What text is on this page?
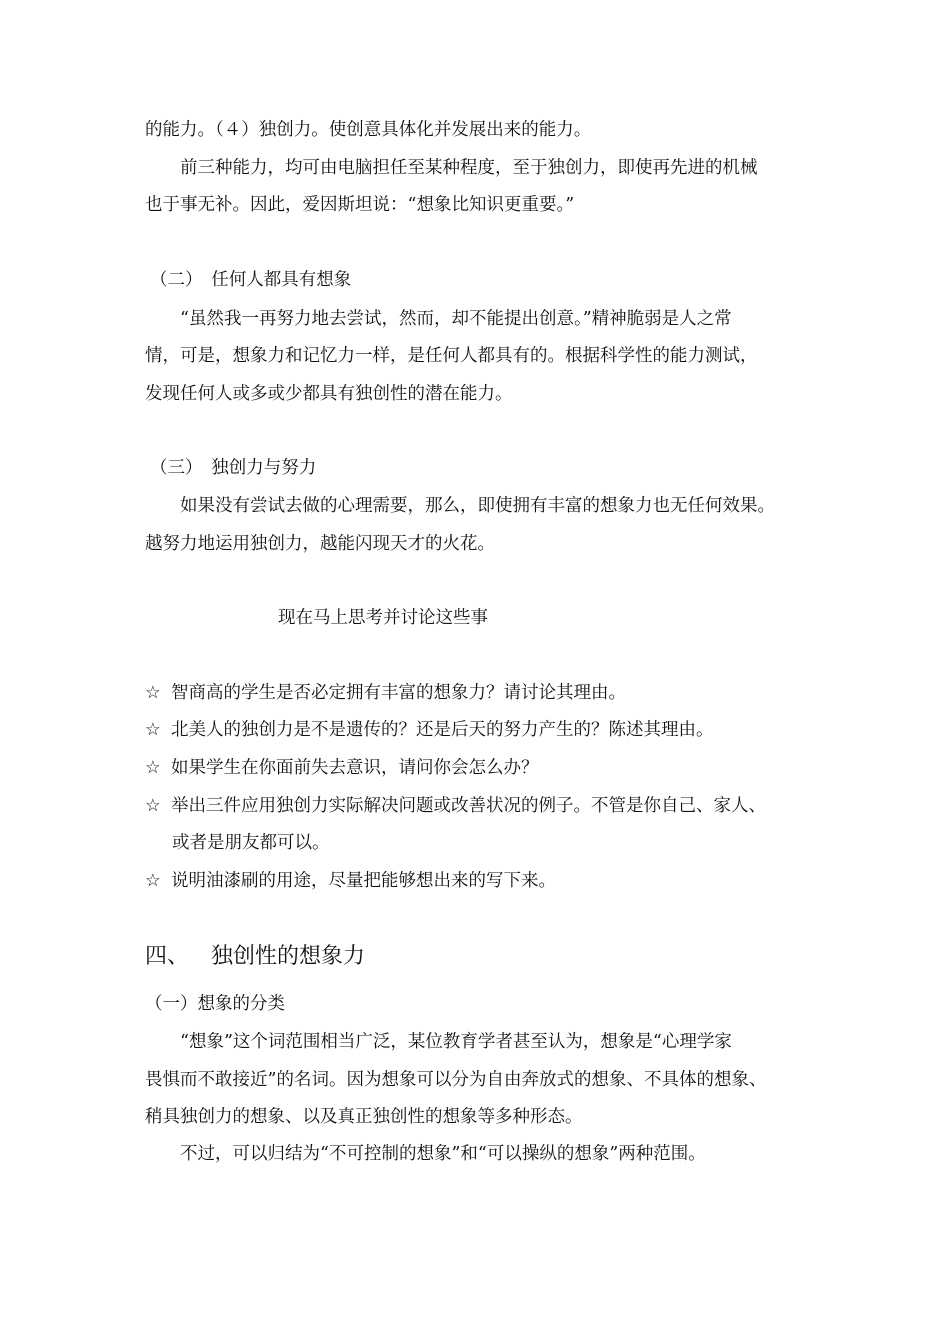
的能力。（４）独创力。使创意具体化并发展出来的能力。
前三种能力，均可由电脑担任至某种程度，至于独创力，即使再先进的机械
也于事无补。因此，爱因斯坦说：“想象比知识更重要。”
（二）　任何人都具有想象
“虽然我一再努力地去尝试，然而，却不能提出创意。”精神脆弱是人之常
情，可是，想象力和记忆力一样，是任何人都具有的。根据科学性的能力测试，
发现任何人或多或少都具有独创性的潜在能力。
（三）　独创力与努力
如果没有尝试去做的心理需要，那么，即使拥有丰富的想象力也无任何效果。
越努力地运用独创力，越能闪现天才的火花。
现在马上思考并讨论这些事
☆ 智商高的学生是否必定拥有丰富的想象力？请讨论其理由。
☆ 北美人的独创力是不是遗传的？还是后天的努力产生的？陈述其理由。
☆ 如果学生在你面前失去意识，请问你会怎么办？
☆ 举出三件应用独创力实际解决问题或改善状况的例子。不管是你自己、家人、
或者是朋友都可以。
☆ 说明油漆刷的用途，尽量把能够想出来的写下来。
四、 独创性的想象力
（一）想象的分类
“想象”这个词范围相当广泛，某位教育学者甚至认为，想象是“心理学家
畏惧而不敢接近”的名词。因为想象可以分为自由奔放式的想象、不具体的想象、
稍具独创力的想象、以及真正独创性的想象等多种形态。
不过，可以归结为“不可控制的想象”和“可以操纵的想象”两种范围。
